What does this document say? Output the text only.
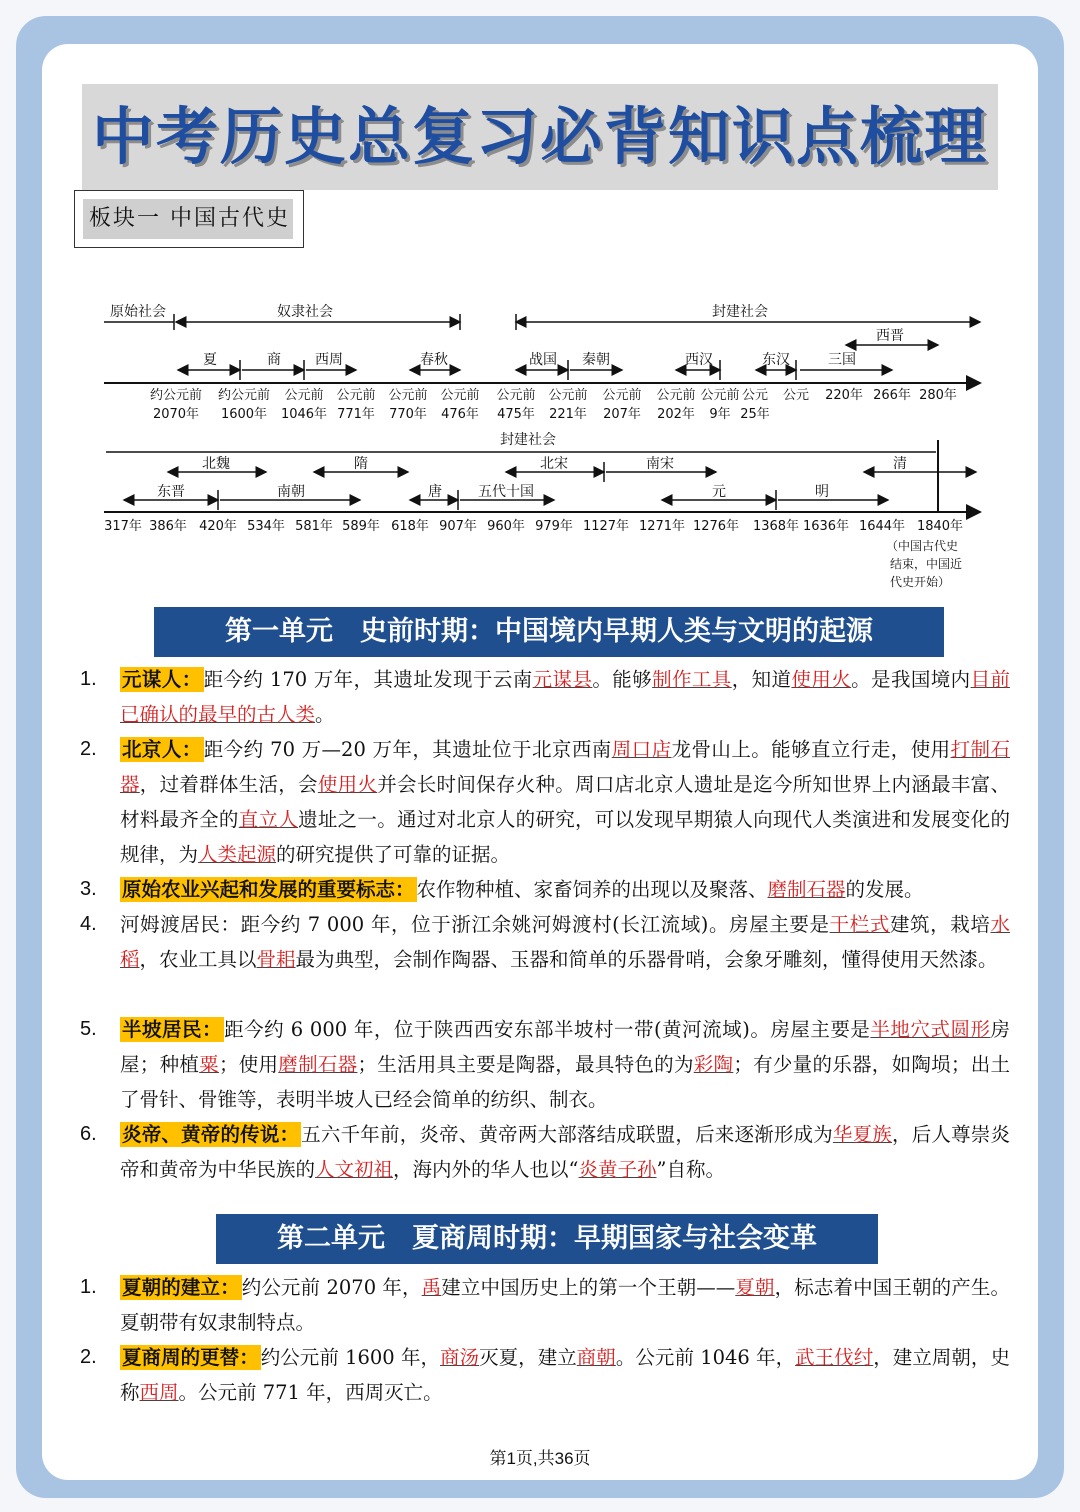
中考历史总复习必背知识点梳理
板块一 中国古代史
原始社会	奴隶社会	封建社会
夏	商 西周	春秋	战国 秦朝	西汉	东汉	三国
西晋
约公元前 约公元前 公元前 公元前 公元前 公元前 公元前 公元前 公元前 公元前 公元前 公元 公元 220年 266年 280年
2070年 1600年 1046年 771年 770年 476年 475年 221年 207年 202年 9年 25年
封建社会
北魏	隋	北宋	南宋	清
东晋	南朝	唐	五代十国	元	明
317年 386年 420年 534年 581年 589年 618年 907年 960年 979年 1127年 1271年 1276年 1368年 1636年 1644年 1840年
（中国古代史
结束，中国近
代史开始）
第一单元　史前时期：中国境内早期人类与文明的起源
1. 元谋人： 距今约 170 万年，其遗址发现于云南元谋县。能够制作工具，知道使用火。是我国境内目前已确认的最早的古人类。
2. 北京人： 距今约 70 万—20 万年，其遗址位于北京西南周口店龙骨山上。能够直立行走，使用打制石器，过着群体生活，会使用火并会长时间保存火种。周口店北京人遗址是迄今所知世界上内涵最丰富、材料最齐全的直立人遗址之一。通过对北京人的研究，可以发现早期猿人向现代人类演进和发展变化的规律，为人类起源的研究提供了可靠的证据。
3. 原始农业兴起和发展的重要标志： 农作物种植、家畜饲养的出现以及聚落、磨制石器的发展。
4. 河姆渡居民：距今约 7 000 年，位于浙江余姚河姆渡村(长江流域)。房屋主要是干栏式建筑，栽培水稻，农业工具以骨耜最为典型，会制作陶器、玉器和简单的乐器骨哨，会象牙雕刻，懂得使用天然漆。
5. 半坡居民： 距今约 6 000 年，位于陕西西安东部半坡村一带(黄河流域)。房屋主要是半地穴式圆形房屋；种植粟；使用磨制石器；生活用具主要是陶器，最具特色的为彩陶；有少量的乐器，如陶埙；出土了骨针、骨锥等，表明半坡人已经会简单的纺织、制衣。
6. 炎帝、黄帝的传说： 五六千年前，炎帝、黄帝两大部落结成联盟，后来逐渐形成为华夏族，后人尊崇炎帝和黄帝为中华民族的人文初祖，海内外的华人也以“炎黄子孙”自称。
第二单元　夏商周时期：早期国家与社会变革
1. 夏朝的建立： 约公元前 2070 年，禹建立中国历史上的第一个王朝——夏朝，标志着中国王朝的产生。夏朝带有奴隶制特点。
2. 夏商周的更替： 约公元前 1600 年，商汤灭夏，建立商朝。公元前 1046 年，武王伐纣，建立周朝，史称西周。公元前 771 年，西周灭亡。
第1页,共36页
